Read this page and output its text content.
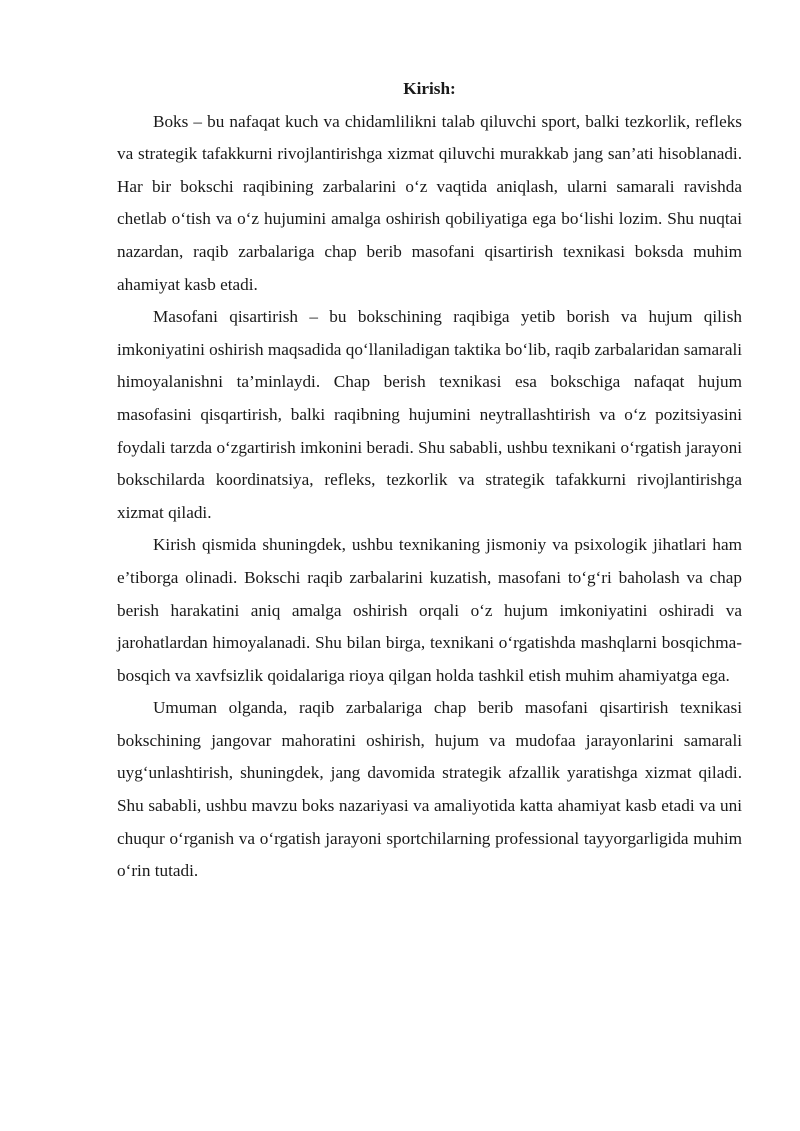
Kirish:

Boks – bu nafaqat kuch va chidamlilikni talab qiluvchi sport, balki tezkorlik, refleks va strategik tafakkurni rivojlantirishga xizmat qiluvchi murakkab jang san’ati hisoblanadi. Har bir bokschi raqibining zarbalarini o‘z vaqtida aniqlash, ularni samarali ravishda chetlab o‘tish va o‘z hujumini amalga oshirish qobiliyatiga ega bo‘lishi lozim. Shu nuqtai nazardan, raqib zarbalariga chap berib masofani qisartirish texnikasi boksda muhim ahamiyat kasb etadi.

Masofani qisartirish – bu bokschining raqibiga yetib borish va hujum qilish imkoniyatini oshirish maqsadida qo‘llaniladigan taktika bo‘lib, raqib zarbalaridan samarali himoyalanishni ta’minlaydi. Chap berish texnikasi esa bokschiga nafaqat hujum masofasini qisqartirish, balki raqibning hujumini neytrallashtirish va o‘z pozitsiyasini foydali tarzda o‘zgartirish imkonini beradi. Shu sababli, ushbu texnikani o‘rgatish jarayoni bokschilarda koordinatsiya, refleks, tezkorlik va strategik tafakkurni rivojlantirishga xizmat qiladi.

Kirish qismida shuningdek, ushbu texnikaning jismoniy va psixologik jihatlari ham e’tiborga olinadi. Bokschi raqib zarbalarini kuzatish, masofani to‘g‘ri baholash va chap berish harakatini aniq amalga oshirish orqali o‘z hujum imkoniyatini oshiradi va jarohatlardan himoyalanadi. Shu bilan birga, texnikani o‘rgatishda mashqlarni bosqichma-bosqich va xavfsizlik qoidalariga rioya qilgan holda tashkil etish muhim ahamiyatga ega.

Umuman olganda, raqib zarbalariga chap berib masofani qisartirish texnikasi bokschining jangovar mahoratini oshirish, hujum va mudofaa jarayonlarini samarali uyg‘unlashtirish, shuningdek, jang davomida strategik afzallik yaratishga xizmat qiladi. Shu sababli, ushbu mavzu boks nazariyasi va amaliyotida katta ahamiyat kasb etadi va uni chuqur o‘rganish va o‘rgatish jarayoni sportchilarning professional tayyorgarligida muhim o‘rin tutadi.
